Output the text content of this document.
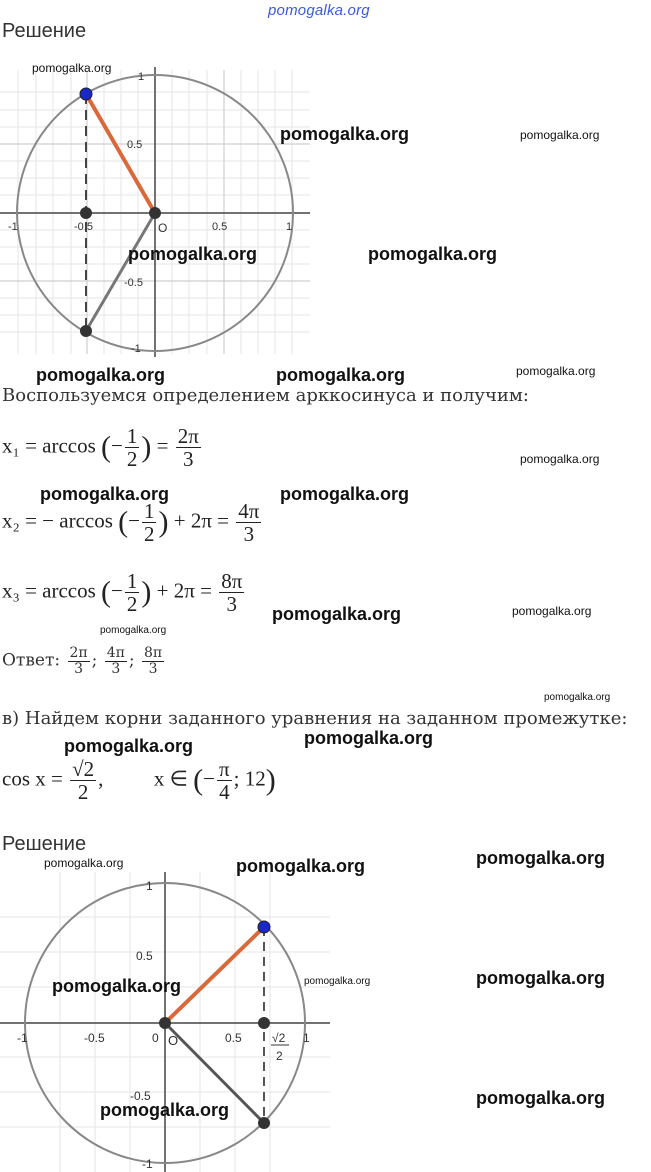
pomogalka.org
Решение
-1	-0.5	0.5	1
1
0.5
-0.5
-1
O
pomogalka.org
pomogalka.org	pomogalka.org
pomogalka.org	pomogalka.org
pomogalka.org	pomogalka.org	pomogalka.org
Воспользуемся определением арккосинуса и получим:
x₁ = arccos (− $\frac{1}{2}$ ) = $\frac{2\pi}{3}$	pomogalka.org
pomogalka.org	pomogalka.org
x₂ = − arccos (− $\frac{1}{2}$ ) + $2\pi = \frac{4\pi}{3}$
x₃ = arccos (− $\frac{1}{2}$ ) + $2\pi = \frac{8\pi}{3}$ pomogalka.org	pomogalka.org
pomogalka.org
Ответ: $\frac{2\pi}{3}$ ; $\frac{4\pi}{3}$ ; $\frac{8\pi}{3}$
pomogalka.org
в) Найдем корни заданного уравнения на заданном промежутке:
pomogalka.org	pomogalka.org
$\cos x = \frac{√2}{2}$ , x ∈ (− $\frac{\pi}{4}$ ; 12)
Решение
pomogalka.org	pomogalka.org	pomogalka.org
-1	-0.5	0	0.5	1
1
0.5
-0.5
-1
O	√2
2
pomogalka.org	pomogalka.org	pomogalka.org
pomogalka.org
pomogalka.org
